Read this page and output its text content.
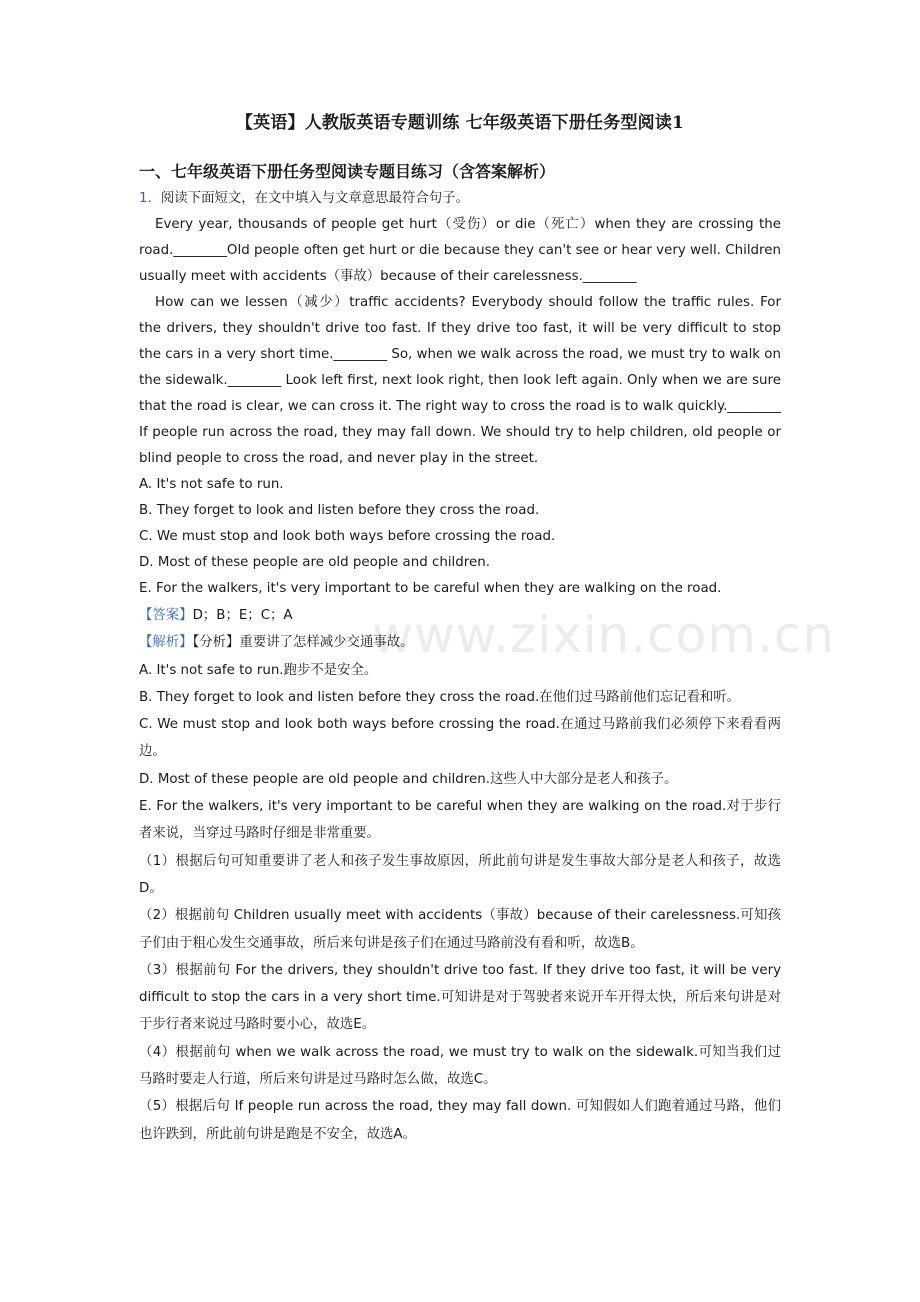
www.zixin.com.cn
【英语】人教版英语专题训练 七年级英语下册任务型阅读1
一、七年级英语下册任务型阅读专题目练习（含答案解析）

1．阅读下面短文，在文中填入与文章意思最符合句子。

Every year, thousands of people get hurt（受伤）or die（死亡）when they are crossing the road.________Old people often get hurt or die because they can't see or hear very well. Children usually meet with accidents（事故）because of their carelessness.________

How can we lessen（减少）traffic accidents? Everybody should follow the traffic rules. For the drivers, they shouldn't drive too fast. If they drive too fast, it will be very difficult to stop the cars in a very short time.________ So, when we walk across the road, we must try to walk on the sidewalk.________ Look left first, next look right, then look left again. Only when we are sure that the road is clear, we can cross it. The right way to cross the road is to walk quickly.________ If people run across the road, they may fall down. We should try to help children, old people or blind people to cross the road, and never play in the street.

A. It's not safe to run.

B. They forget to look and listen before they cross the road.

C. We must stop and look both ways before crossing the road.

D. Most of these people are old people and children.

E. For the walkers, it's very important to be careful when they are walking on the road.

【答案】D；B；E；C；A

【解析】【分析】重要讲了怎样减少交通事故。

A. It's not safe to run.跑步不是安全。

B. They forget to look and listen before they cross the road.在他们过马路前他们忘记看和听。

C. We must stop and look both ways before crossing the road.在通过马路前我们必须停下来看看两边。

D. Most of these people are old people and children.这些人中大部分是老人和孩子。

E. For the walkers, it's very important to be careful when they are walking on the road.对于步行者来说，当穿过马路时仔细是非常重要。

（1）根据后句可知重要讲了老人和孩子发生事故原因，所此前句讲是发生事故大部分是老人和孩子，故选D。

（2）根据前句 Children usually meet with accidents（事故）because of their carelessness.可知孩子们由于粗心发生交通事故，所后来句讲是孩子们在通过马路前没有看和听，故选B。

（3）根据前句 For the drivers, they shouldn't drive too fast. If they drive too fast, it will be very difficult to stop the cars in a very short time.可知讲是对于驾驶者来说开车开得太快，所后来句讲是对于步行者来说过马路时要小心，故选E。

（4）根据前句 when we walk across the road, we must try to walk on the sidewalk.可知当我们过马路时要走人行道，所后来句讲是过马路时怎么做，故选C。

（5）根据后句 If people run across the road, they may fall down. 可知假如人们跑着通过马路，他们也许跌到，所此前句讲是跑是不安全，故选A。
